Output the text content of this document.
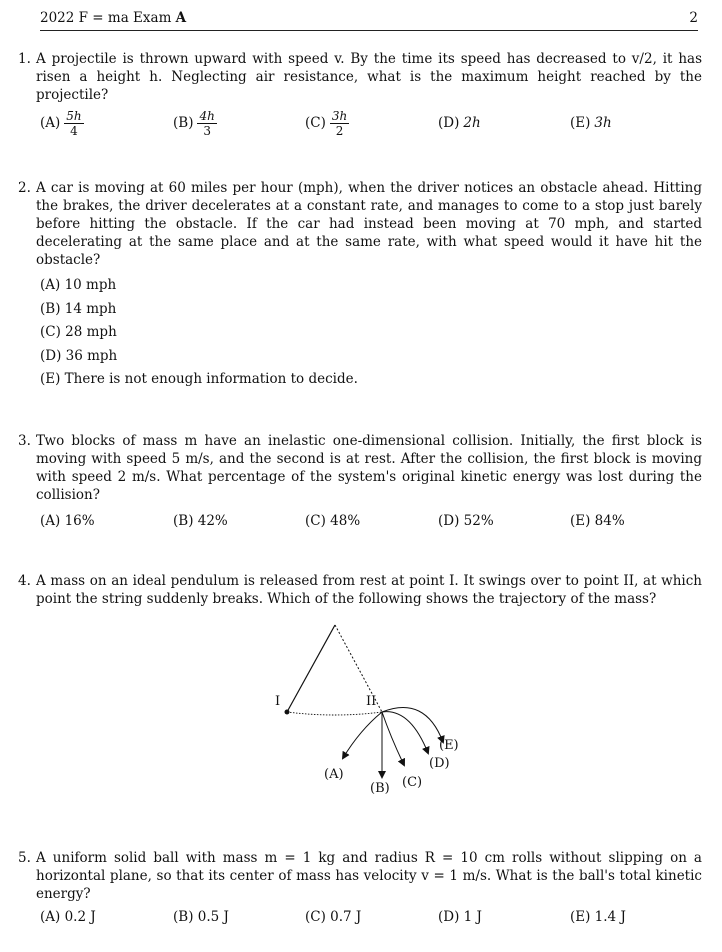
2022 F = ma Exam A	2
1. A projectile is thrown upward with speed v. By the time its speed has decreased to v/2, it has risen a height h. Neglecting air resistance, what is the maximum height reached by the projectile?
$(A) \frac{5h}{4}$	$(B) \frac{4h}{3}$	$(C) \frac{3h}{2}$	(D) 2h	(E) 3h
2. A car is moving at 60 miles per hour (mph), when the driver notices an obstacle ahead. Hitting the brakes, the driver decelerates at a constant rate, and manages to come to a stop just barely before hitting the obstacle. If the car had instead been moving at 70 mph, and started decelerating at the same place and at the same rate, with what speed would it have hit the obstacle?
(A) 10 mph
(B) 14 mph
(C) 28 mph
(D) 36 mph
(E) There is not enough information to decide.
3. Two blocks of mass m have an inelastic one-dimensional collision. Initially, the first block is moving with speed 5 m/s, and the second is at rest. After the collision, the first block is moving with speed 2 m/s. What percentage of the system's original kinetic energy was lost during the collision?
(A) 16%	(B) 42%	(C) 48%	(D) 52%	(E) 84%
4. A mass on an ideal pendulum is released from rest at point I. It swings over to point II, at which point the string suddenly breaks. Which of the following shows the trajectory of the mass?
I	II
(A)
(B) (C)
(D)
(E)
5. A uniform solid ball with mass m = 1 kg and radius R = 10 cm rolls without slipping on a horizontal plane, so that its center of mass has velocity v = 1 m/s. What is the ball's total kinetic energy?
(A) 0.2 J	(B) 0.5 J	(C) 0.7 J	(D) 1 J	(E) 1.4 J
